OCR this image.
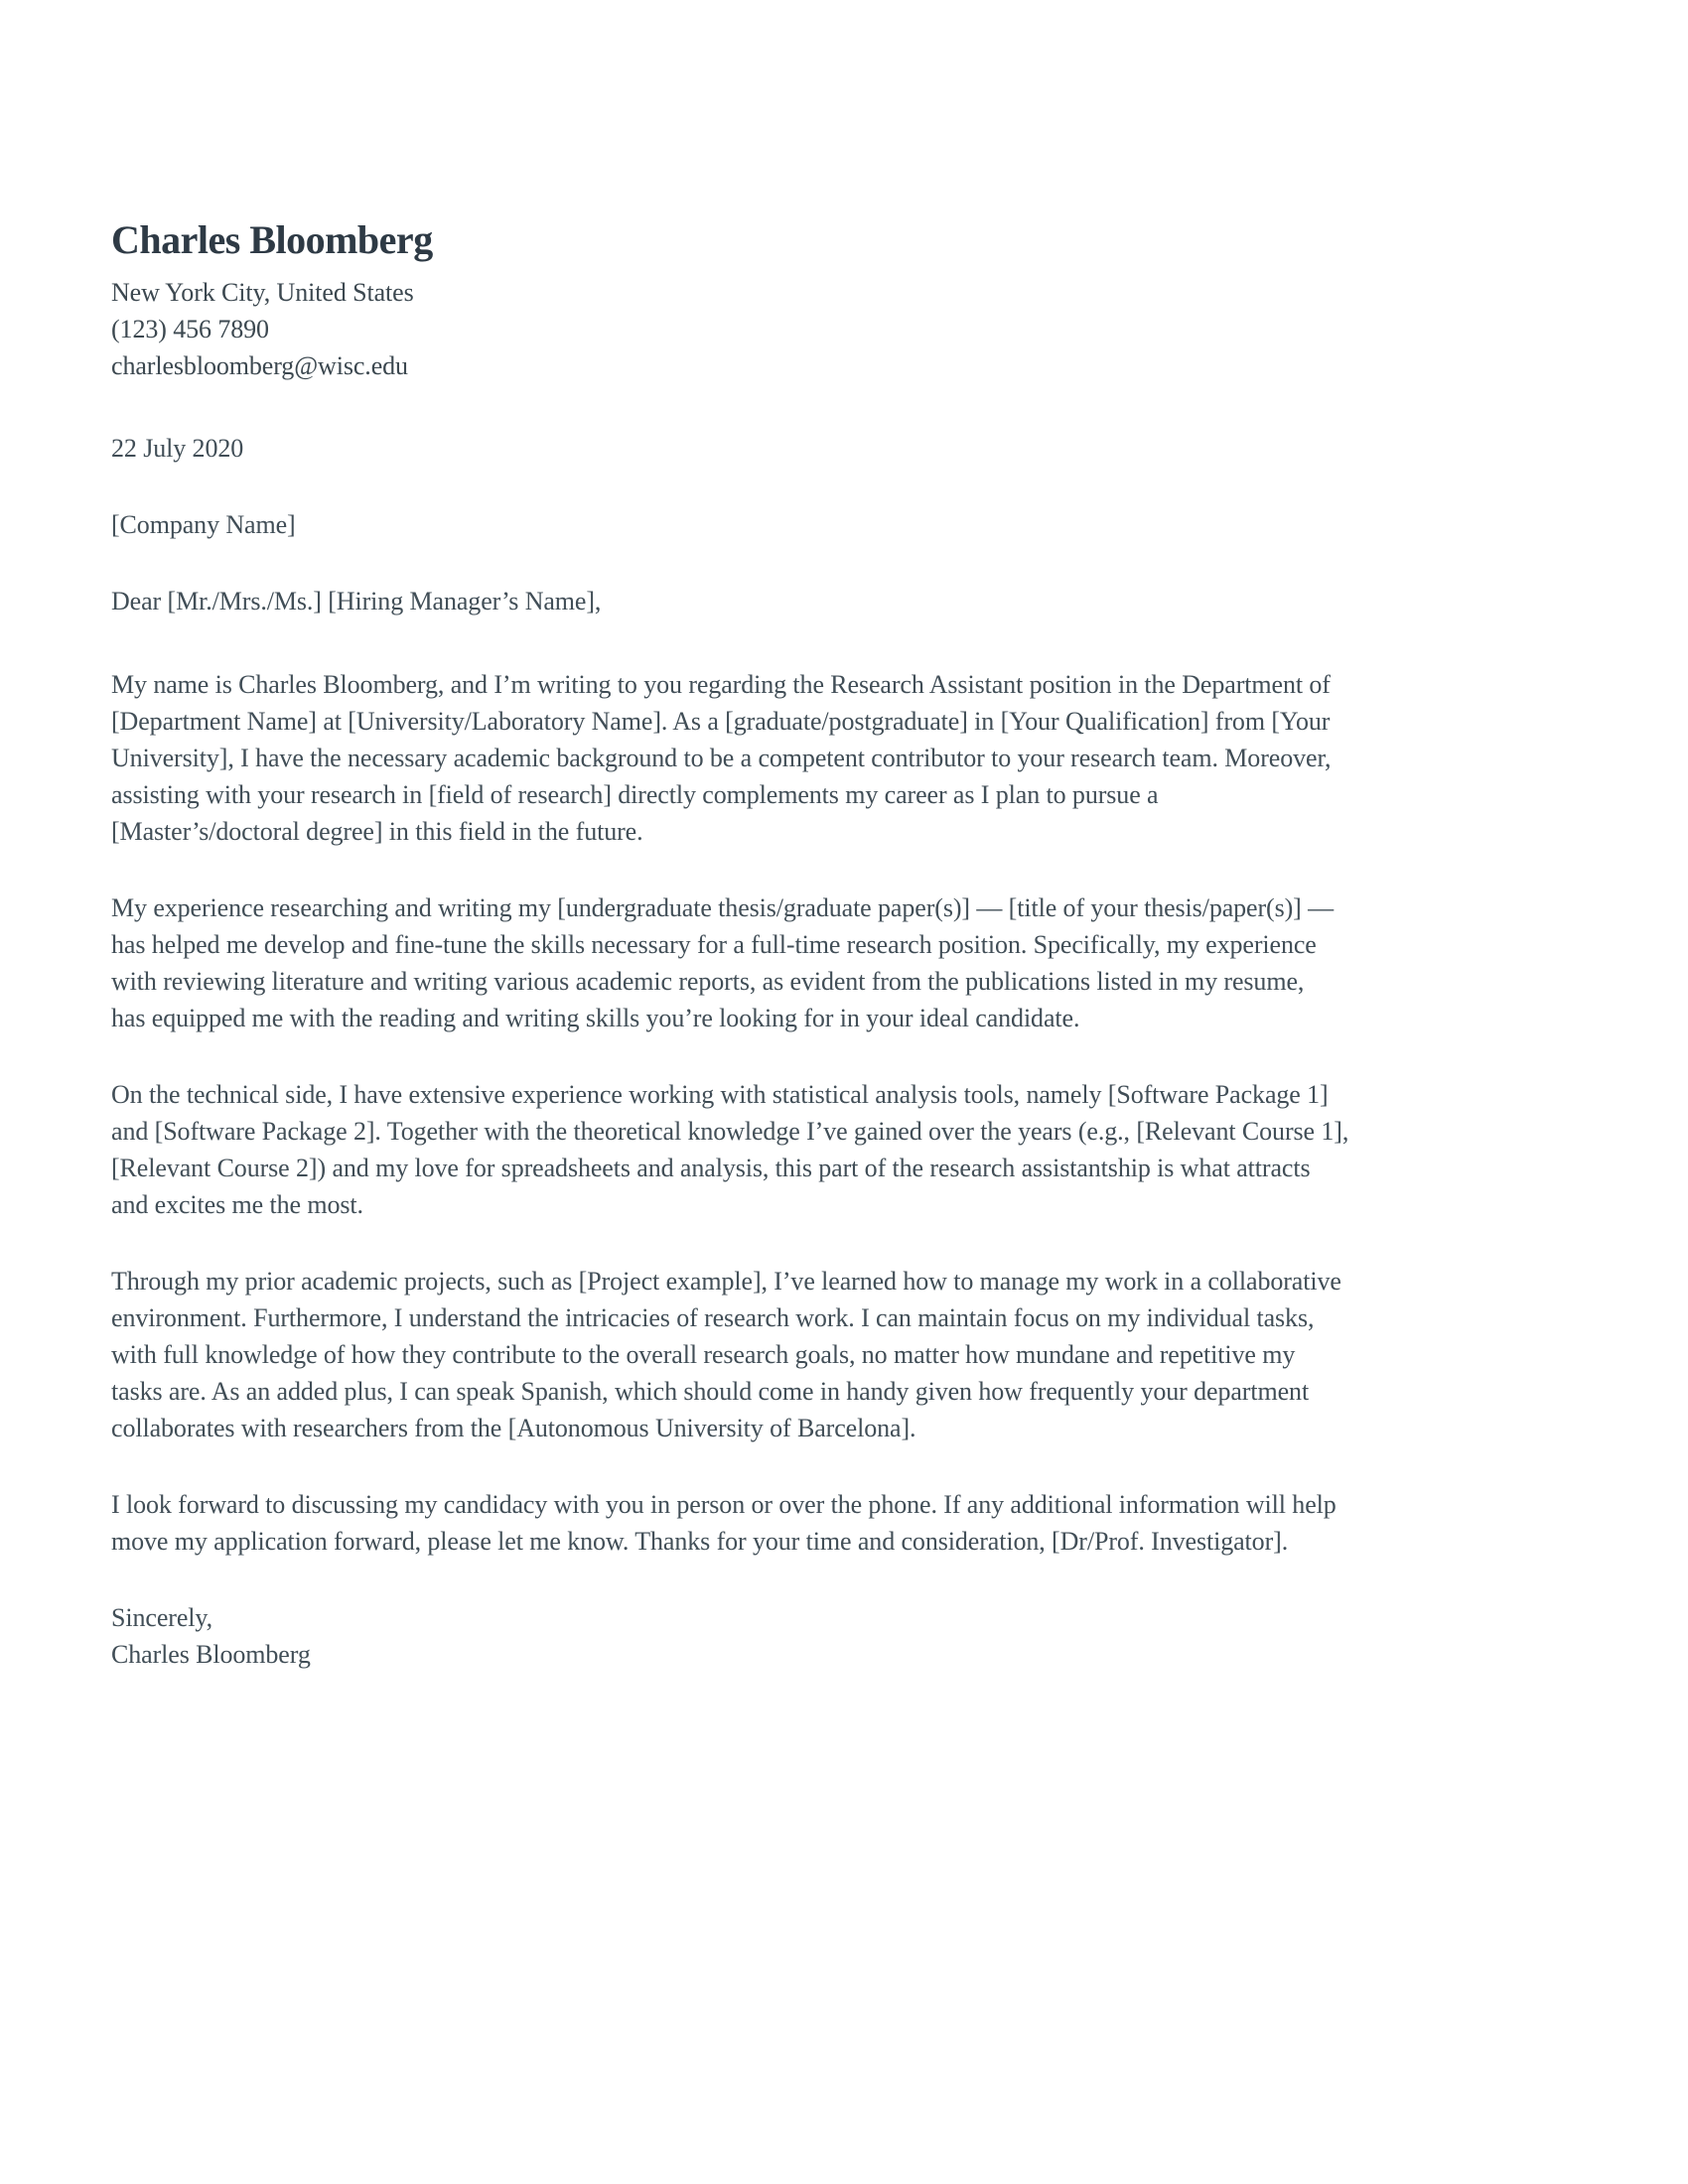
Charles Bloomberg
New York City, United States
(123) 456 7890
charlesbloomberg@wisc.edu
22 July 2020
[Company Name]
Dear [Mr./Mrs./Ms.] [Hiring Manager’s Name],
My name is Charles Bloomberg, and I’m writing to you regarding the Research Assistant position in the Department of
[Department Name] at [University/Laboratory Name]. As a [graduate/postgraduate] in [Your Qualification] from [Your
University], I have the necessary academic background to be a competent contributor to your research team. Moreover,
assisting with your research in [field of research] directly complements my career as I plan to pursue a
[Master’s/doctoral degree] in this field in the future.
My experience researching and writing my [undergraduate thesis/graduate paper(s)] — [title of your thesis/paper(s)] —
has helped me develop and fine-tune the skills necessary for a full-time research position. Specifically, my experience
with reviewing literature and writing various academic reports, as evident from the publications listed in my resume,
has equipped me with the reading and writing skills you’re looking for in your ideal candidate.
On the technical side, I have extensive experience working with statistical analysis tools, namely [Software Package 1]
and [Software Package 2]. Together with the theoretical knowledge I’ve gained over the years (e.g., [Relevant Course 1],
[Relevant Course 2]) and my love for spreadsheets and analysis, this part of the research assistantship is what attracts
and excites me the most.
Through my prior academic projects, such as [Project example], I’ve learned how to manage my work in a collaborative
environment. Furthermore, I understand the intricacies of research work. I can maintain focus on my individual tasks,
with full knowledge of how they contribute to the overall research goals, no matter how mundane and repetitive my
tasks are. As an added plus, I can speak Spanish, which should come in handy given how frequently your department
collaborates with researchers from the [Autonomous University of Barcelona].
I look forward to discussing my candidacy with you in person or over the phone. If any additional information will help
move my application forward, please let me know. Thanks for your time and consideration, [Dr/Prof. Investigator].
Sincerely,
Charles Bloomberg
